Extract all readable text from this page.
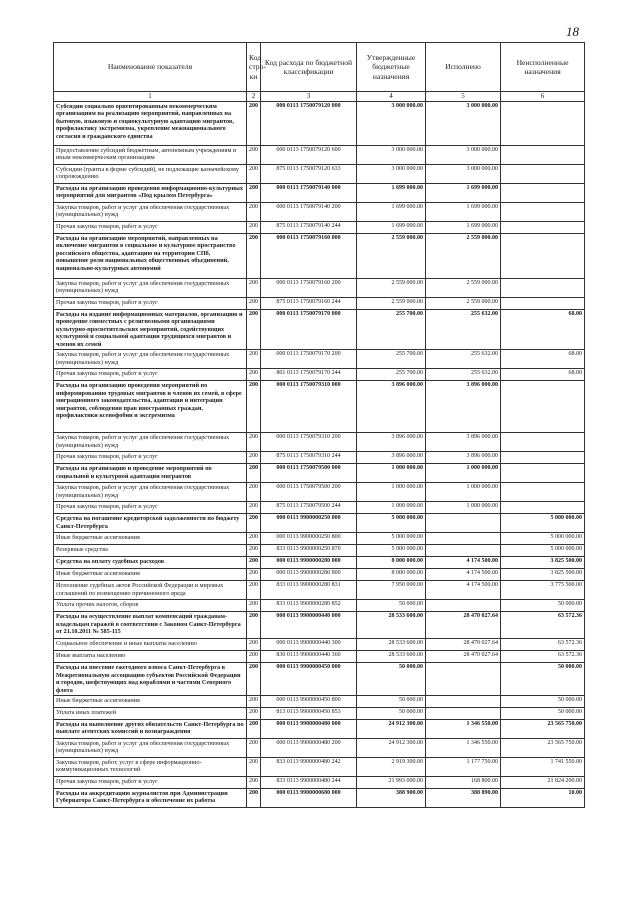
18
Наименование показателя	Код стро- ки	Код расхода по бюджетной классификации	Утвержденные бюджетные назначения	Исполнено	Неисполненные назначения
1	2	3	4	5	6
Субсидии социально ориентированным некоммерческим организациям на реализацию мероприятий, направленных на бытовую, языковую и социокультурную адаптацию мигрантов, профилактику экстремизма, укрепление межнационального согласия и гражданского единства	200	000 0113 1750079120 000	3 000 000.00	3 000 000.00	
Предоставление субсидий бюджетным, автономным учреждениям и иным некоммерческим организациям	200	000 0113 1750079120 600	3 000 000.00	3 000 000.00	
Субсидии (гранты в форме субсидий), не подлежащие казначейскому сопровождению	200	875 0113 1750079120 633	3 000 000.00	3 000 000.00	
Расходы на организацию проведения информационно-культурных мероприятий для мигрантов «Под крылом Петербурга»	200	000 0113 1750079140 000	1 699 000.00	1 699 000.00	
Закупка товаров, работ и услуг для обеспечения государственных (муниципальных) нужд	200	000 0113 1750079140 200	1 699 000.00	1 699 000.00	
Прочая закупка товаров, работ и услуг	200	875 0113 1750079140 244	1 699 000.00	1 699 000.00	
Расходы на организацию мероприятий, направленных на включение мигрантов в социальное и культурное пространство российского общества, адаптацию на территории СПб, повышение роли национальных общественных объединений, национально-культурных автономий	200	000 0113 1750079160 000	2 559 000.00	2 559 000.00	
Закупка товаров, работ и услуг для обеспечения государственных (муниципальных) нужд	200	000 0113 1750079160 200	2 559 000.00	2 559 000.00	
Прочая закупка товаров, работ и услуг	200	875 0113 1750079160 244	2 559 000.00	2 559 000.00	
Расходы на издание информационных материалов, организацию и проведение совместных с религиозными организациями культурно-просветительских мероприятий, содействующих культурной и социальной адаптации трудящихся мигрантов и членов их семей	200	000 0113 1750079170 000	255 700.00	255 632.00	68.00
Закупка товаров, работ и услуг для обеспечения государственных (муниципальных) нужд	200	000 0113 1750079170 200	255 700.00	255 632.00	68.00
Прочая закупка товаров, работ и услуг	200	801 0113 1750079170 244	255 700.00	255 632.00	68.00
Расходы на организацию проведения мероприятий по информированию трудовых мигрантов и членов их семей, в сфере миграционного законодательства, адаптации и интеграции мигрантов, соблюдения прав иностранных граждан, профилактики ксенофобии и экстремизма	200	000 0113 1750079310 000	3 896 000.00	3 896 000.00	
Закупка товаров, работ и услуг для обеспечения государственных (муниципальных) нужд	200	000 0113 1750079310 200	3 896 000.00	3 896 000.00	
Прочая закупка товаров, работ и услуг	200	875 0113 1750079310 244	3 896 000.00	3 896 000.00	
Расходы на организацию и проведение мероприятий по социальной и культурной адаптации мигрантов	200	000 0113 1750079500 000	1 000 000.00	1 000 000.00	
Закупка товаров, работ и услуг для обеспечения государственных (муниципальных) нужд	200	000 0113 1750079500 200	1 000 000.00	1 000 000.00	
Прочая закупка товаров, работ и услуг	200	875 0113 1750079500 244	1 000 000.00	1 000 000.00	
Средства на погашение кредиторской задолженности по бюджету Санкт-Петербурга	200	000 0113 9900000250 000	5 000 000.00		5 000 000.00
Иные бюджетные ассигнования	200	000 0113 9900000250 800	5 000 000.00		5 000 000.00
Резервные средства	200	833 0113 9900000250 870	5 000 000.00		5 000 000.00
Средства на оплату судебных расходов	200	000 0113 9900000280 000	8 000 000.00	4 174 500.00	3 825 500.00
Иные бюджетные ассигнования	200	000 0113 9900000280 800	8 000 000.00	4 174 500.00	3 825 500.00
Исполнение судебных актов Российской Федерации и мировых соглашений по возмещению причиненного вреда	200	833 0113 9900000280 831	7 950 000.00	4 174 500.00	3 775 500.00
Уплата прочих налогов, сборов	200	833 0113 9900000280 852	50 000.00		50 000.00
Расходы на осуществление выплат компенсаций гражданам-владельцам гаражей в соответствии с Законом Санкт-Петербурга от 21.10.2011 № 585-115	200	000 0113 9900000440 000	28 533 600.00	28 470 027.64	63 572.36
Социальное обеспечение и иные выплаты населению	200	000 0113 9900000440 300	28 533 600.00	28 470 027.64	63 572.36
Иные выплаты населению	200	830 0113 9900000440 360	28 533 600.00	28 470 027.64	63 572.36
Расходы на внесение ежегодного взноса Санкт-Петербурга в Межрегиональную ассоциацию субъектов Российской Федерации и городов, шефствующих над кораблями и частями Северного флота	200	000 0113 9900000450 000	50 000.00		50 000.00
Иные бюджетные ассигнования	200	000 0113 9900000450 800	50 000.00		50 000.00
Уплата иных платежей	200	813 0113 9900000450 853	50 000.00		50 000.00
Расходы на выполнение других обязательств Санкт-Петербурга по выплате агентских комиссий и вознаграждения	200	000 0113 9900000480 000	24 912 300.00	1 346 550.00	23 565 750.00
Закупка товаров, работ и услуг для обеспечения государственных (муниципальных) нужд	200	000 0113 9900000480 200	24 912 300.00	1 346 550.00	23 565 750.00
Закупка товаров, работ, услуг в сфере информационно-коммуникационных технологий	200	833 0113 9900000480 242	2 919 300.00	1 177 750.00	1 741 550.00
Прочая закупка товаров, работ и услуг	200	833 0113 9900000480 244	21 993 000.00	168 800.00	21 824 200.00
Расходы на аккредитацию журналистов при Администрации Губернатора Санкт-Петербурга и обеспечение их работы	200	000 0113 9900000680 000	388 900.00	388 890.00	10.00
